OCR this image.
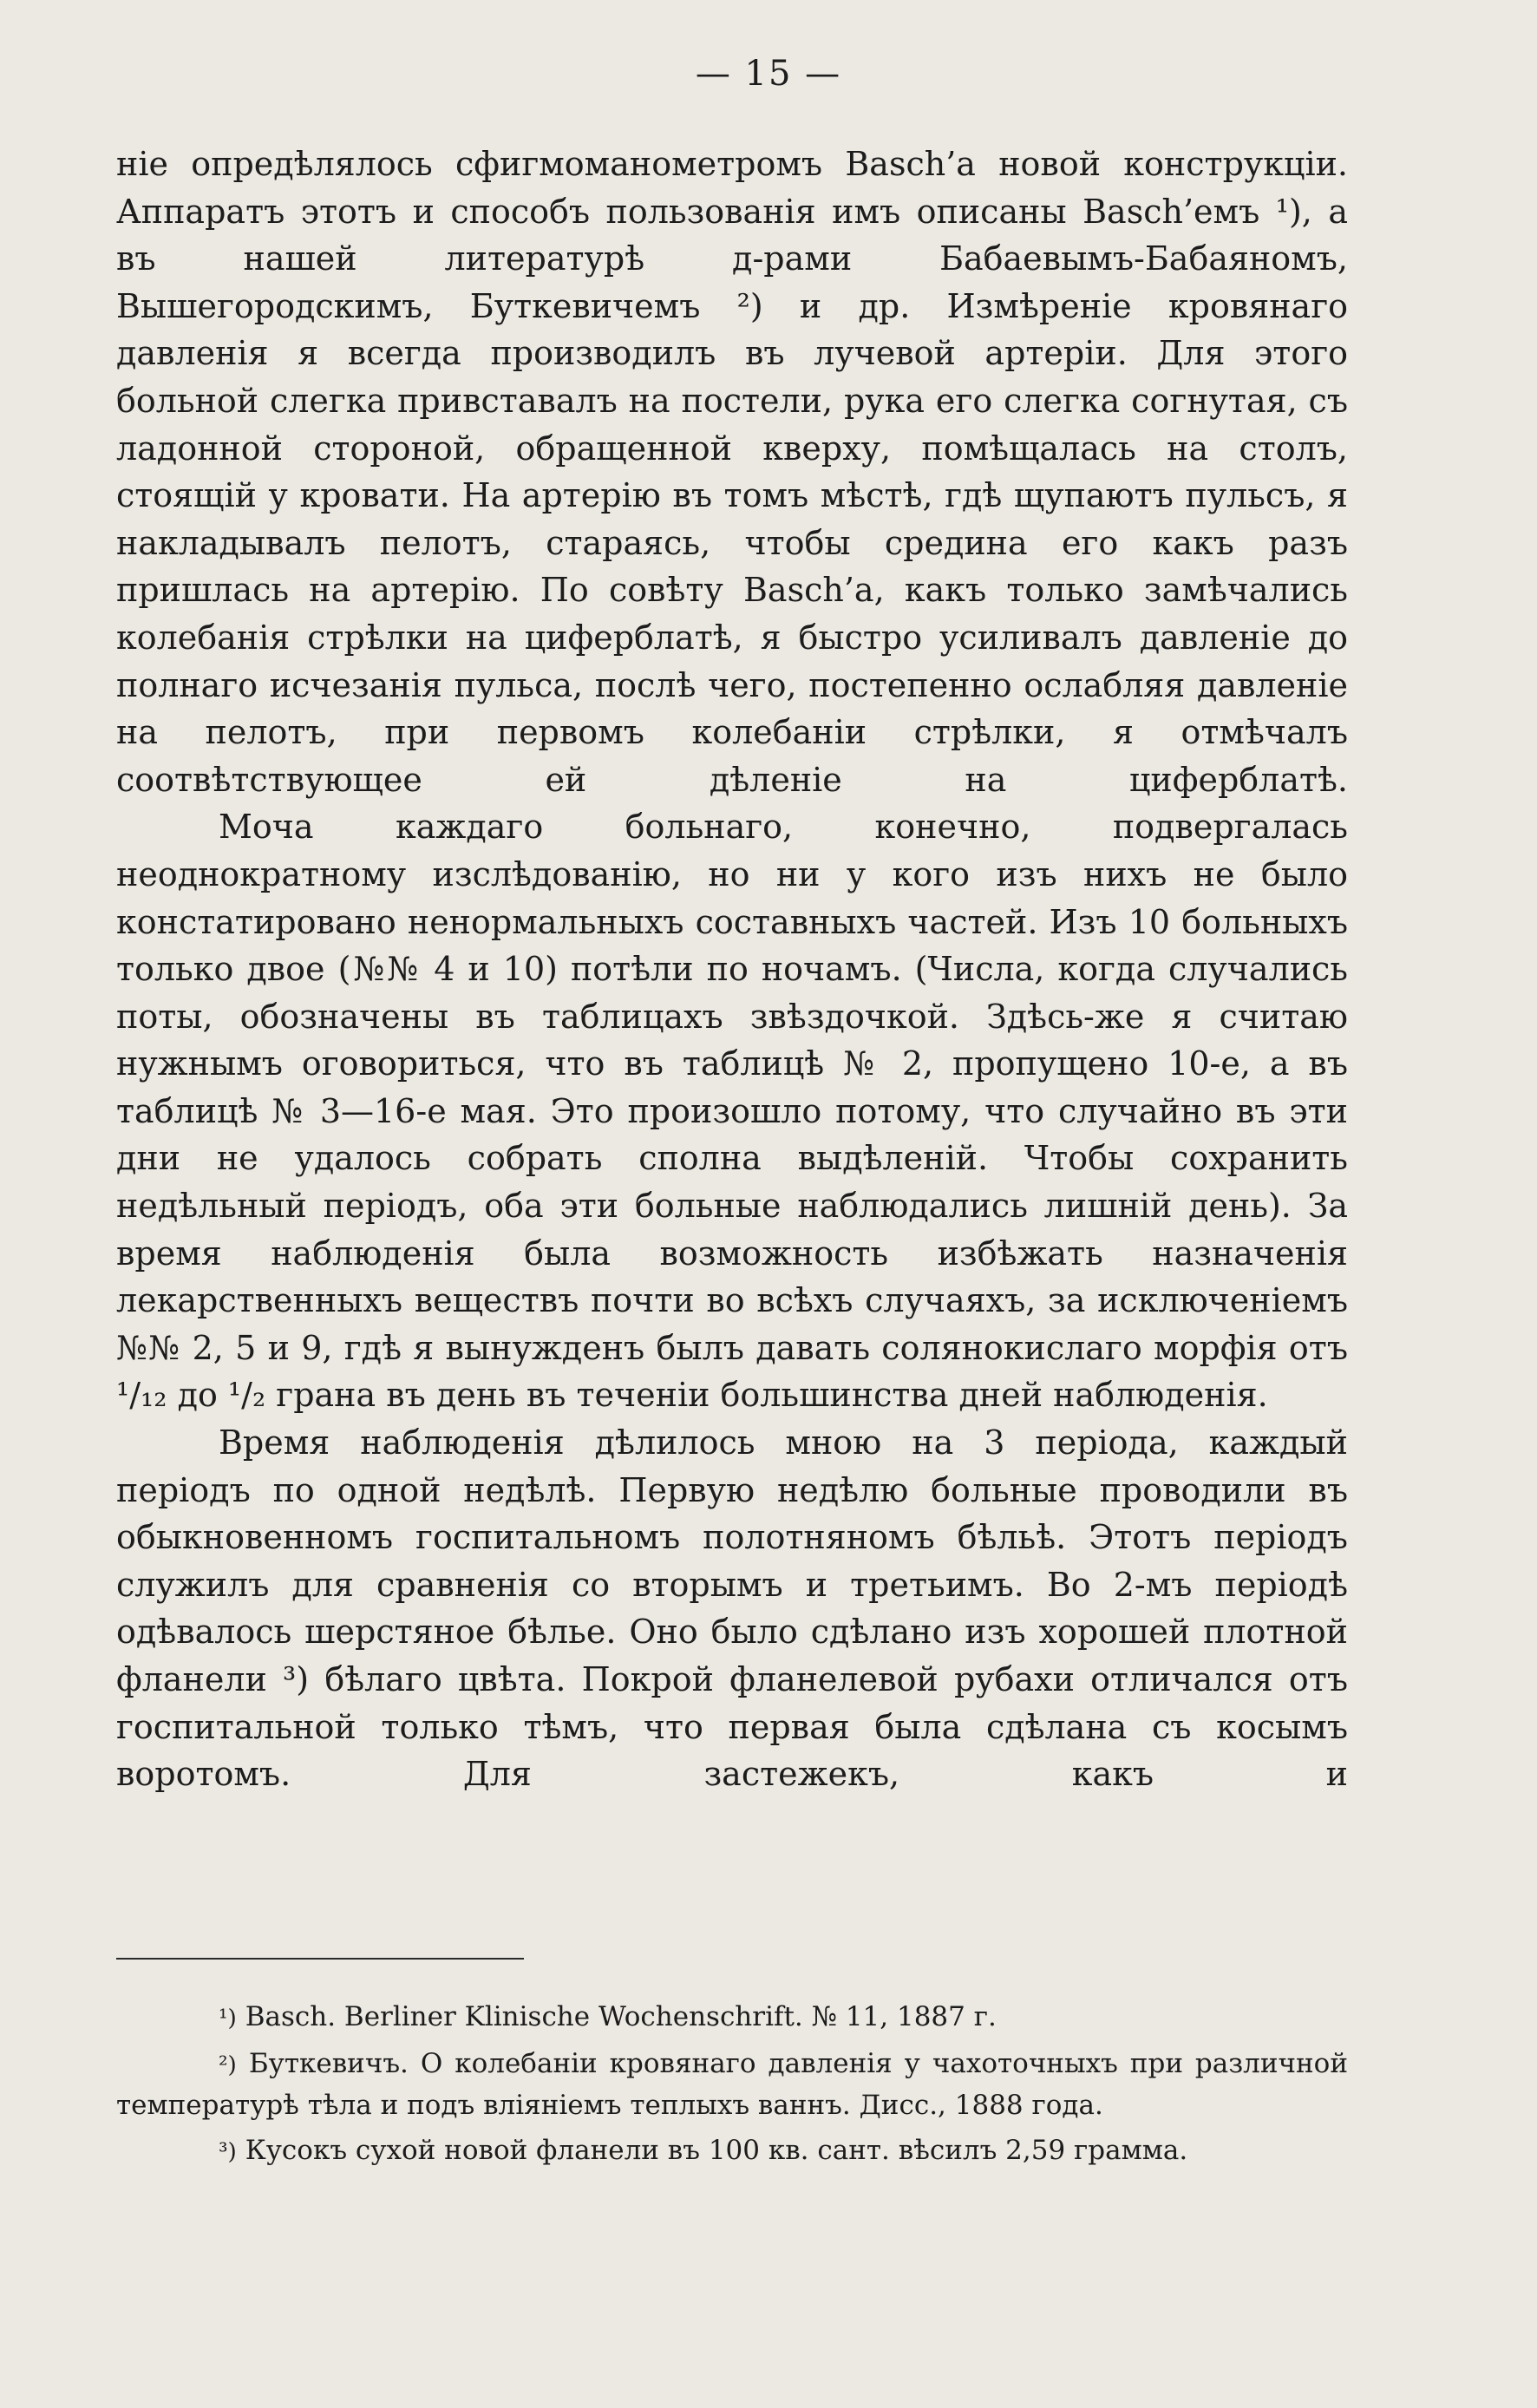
— 15 —

ніе опредѣлялось сфигмоманометромъ Basch’а новой конструкціи. Аппаратъ этотъ и способъ пользованія имъ описаны Basch’емъ ¹), а въ нашей литературѣ д-рами Бабаевымъ-Бабаяномъ, Вышегородскимъ, Буткевичемъ ²) и др. Измѣреніе кровянаго давленія я всегда производилъ въ лучевой артеріи. Для этого больной слегка привставалъ на постели, рука его слегка согнутая, съ ладонной стороной, обращенной кверху, помѣщалась на столъ, стоящій у кровати. На артерію въ томъ мѣстѣ, гдѣ щупаютъ пульсъ, я накладывалъ пелотъ, стараясь, чтобы средина его какъ разъ пришлась на артерію. По совѣту Basch’а, какъ только замѣчались колебанія стрѣлки на циферблатѣ, я быстро усиливалъ давленіе до полнаго исчезанія пульса, послѣ чего, постепенно ослабляя давленіе на пелотъ, при первомъ колебаніи стрѣлки, я отмѣчалъ соотвѣтствующее ей дѣленіе на циферблатѣ.

Моча каждаго больнаго, конечно, подвергалась неоднократному изслѣдованію, но ни у кого изъ нихъ не было констатировано ненормальныхъ составныхъ частей. Изъ 10 больныхъ только двое (№№ 4 и 10) потѣли по ночамъ. (Числа, когда случались поты, обозначены въ таблицахъ звѣздочкой. Здѣсь-же я считаю нужнымъ оговориться, что въ таблицѣ № 2, пропущено 10-е, а въ таблицѣ № 3—16-е мая. Это произошло потому, что случайно въ эти дни не удалось собрать сполна выдѣленій. Чтобы сохранить недѣльный періодъ, оба эти больные наблюдались лишній день). За время наблюденія была возможность избѣжать назначенія лекарственныхъ веществъ почти во всѣхъ случаяхъ, за исключеніемъ №№ 2, 5 и 9, гдѣ я вынужденъ былъ давать солянокислаго морфія отъ ¹/₁₂ до ¹/₂ грана въ день въ теченіи большинства дней наблюденія.

Время наблюденія дѣлилось мною на 3 періода, каждый періодъ по одной недѣлѣ. Первую недѣлю больные проводили въ обыкновенномъ госпитальномъ полотняномъ бѣльѣ. Этотъ періодъ служилъ для сравненія со вторымъ и третьимъ. Во 2-мъ періодѣ одѣвалось шерстяное бѣлье. Оно было сдѣлано изъ хорошей плотной фланели ³) бѣлаго цвѣта. Покрой фланелевой рубахи отличался отъ госпитальной только тѣмъ, что первая была сдѣлана съ косымъ воротомъ. Для застежекъ, какъ и

¹) Basch. Berliner Klinische Wochenschrift. № 11, 1887 г.

²) Буткевичъ. О колебаніи кровянаго давленія у чахоточныхъ при различной температурѣ тѣла и подъ вліяніемъ теплыхъ ваннъ. Дисс., 1888 года.

³) Кусокъ сухой новой фланели въ 100 кв. сант. вѣсилъ 2,59 грамма.
